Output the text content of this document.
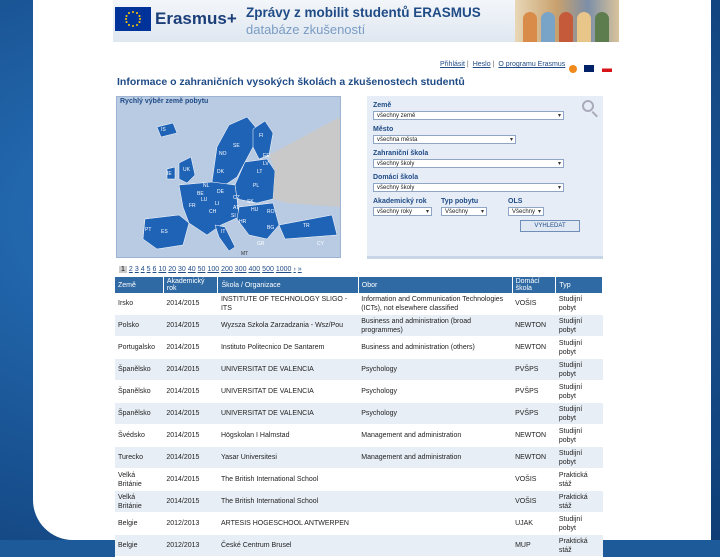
Erasmus+ Zprávy z mobilit studentů ERASMUS
databáze zkušeností
Přihlásit | Heslo | O programu Erasmus

Informace o zahraničních vysokých školách a zkušenostech studentů
IS
NO
SE
FI
EE
LV
LT
DK
IE
UK
NL	PL
BE	DE
CZ
SK
LU
FR	AT HU RO
LI
CH
SI
HR
BG
PT ES	IT
GR
TR
CY
MT
Rychlý výběr země pobytu
Země
všechny země ▾
Město
všechna města ▾
Zahraniční škola
všechny školy ▾
Domácí škola
všechny školy ▾
Akademický rok
všechny roky ▾
Typ pobytu
Všechny ▾
OLS
Všechny ▾
VYHLEDAT
1 2 3 4 5 6 10 20 30 40 50 100 200 300 400 500 1000 › »
Země	Akademický rok	Škola / Organizace	Obor	Domácí škola	Typ
Irsko	2014/2015	INSTITUTE OF TECHNOLOGY SLIGO - ITS	Information and Communication Technologies (ICTs), not elsewhere classified	VOŠIS	Studijní pobyt
Polsko	2014/2015	Wyzsza Szkola Zarzadzania - Wsz/Pou	Business and administration (broad programmes)	NEWTON	Studijní pobyt
Portugalsko	2014/2015	Instituto Politecnico De Santarem	Business and administration (others)	NEWTON	Studijní pobyt
Španělsko	2014/2015	UNIVERSITAT DE VALENCIA	Psychology	PVŠPS	Studijní pobyt
Španělsko	2014/2015	UNIVERSITAT DE VALENCIA	Psychology	PVŠPS	Studijní pobyt
Španělsko	2014/2015	UNIVERSITAT DE VALENCIA	Psychology	PVŠPS	Studijní pobyt
Švédsko	2014/2015	Högskolan I Halmstad	Management and administration	NEWTON	Studijní pobyt
Turecko	2014/2015	Yasar Universitesi	Management and administration	NEWTON	Studijní pobyt
Velká Británie	2014/2015	The British International School		VOŠIS	Praktická stáž
Velká Británie	2014/2015	The British International School		VOŠIS	Praktická stáž
Belgie	2012/2013	ARTESIS HOGESCHOOL ANTWERPEN		UJAK	Studijní pobyt
Belgie	2012/2013	České Centrum Brusel		MUP	Praktická stáž
